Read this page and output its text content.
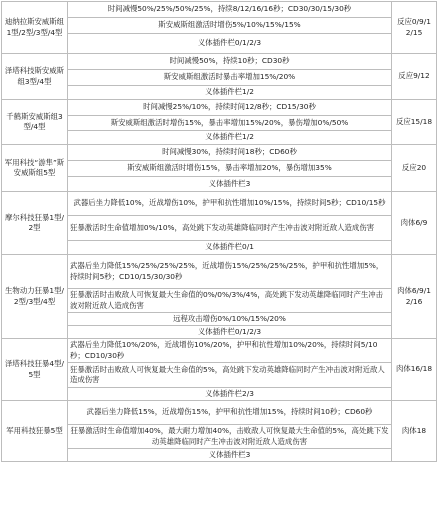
迪纳拉斯安威斯组1型/2型/3型/4型	时间减慢50%/25%/50%/25%，持续8/12/16/16秒；CD30/30/15/30秒	反应0/9/12/15
	斯安威斯组激活时增伤5%/10%/15%/15%	
	义体插件栏0/1/2/3	
泽塔科技斯安威斯组3型/4型	时间减慢50%，持续10秒；CD30秒	反应9/12
	斯安威斯组激活时暴击率增加15%/20%	
	义体插件栏1/2	
千鹤斯安威斯组3型/4型	时间减慢25%/10%，持续时间12/8秒；CD15/30秒	反应15/18
	斯安威斯组激活时增伤15%，暴击率增加15%/20%，暴伤增加0%/50%	
	义体插件栏1/2	
军用科技“游隼”斯安威斯组5型	时间减慢30%，持续时间18秒；CD60秒	反应20
	斯安威斯组激活时增伤15%，暴击率增加20%，暴伤增加35%	
	义体插件栏3	
摩尔科技狂暴1型/2型	武器后坐力降低10%，近战增伤10%，护甲和抗性增加10%/15%，持续时间5秒；CD10/15秒	肉体6/9
	狂暴激活时生命值增加0%/10%，高处跳下发动英雄降临同时产生冲击波对附近敌人造成伤害	
	义体插件栏0/1	
生物动力狂暴1型/2型/3型/4型	武器后坐力降低15%/25%/25%/25%，近战增伤15%/25%/25%/25%，护甲和抗性增加5%，持续时间5秒；CD10/15/30/30秒	肉体6/9/12/16
	狂暴激活时击败敌人可恢复最大生命值的0%/0%/3%/4%，高处跳下发动英雄降临同时产生冲击波对附近敌人造成伤害	
	远程攻击增伤0%/10%/15%/20%	
	义体插件栏0/1/2/3	
泽塔科技狂暴4型/5型	武器后坐力降低10%/20%，近战增伤10%/20%，护甲和抗性增加10%/20%，持续时间5/10秒；CD10/30秒	肉体16/18
	狂暴激活时击败敌人可恢复最大生命值的5%，高处跳下发动英雄降临同时产生冲击波对附近敌人造成伤害	
	义体插件栏2/3	
军用科技狂暴5型	武器后坐力降低15%，近战增伤15%，护甲和抗性增加15%，持续时间10秒；CD60秒	肉体18
	狂暴激活时生命值增加40%，最大耐力增加40%，击败敌人可恢复最大生命值的5%，高处跳下发动英雄降临同时产生冲击波对附近敌人造成伤害	
	义体插件栏3	
